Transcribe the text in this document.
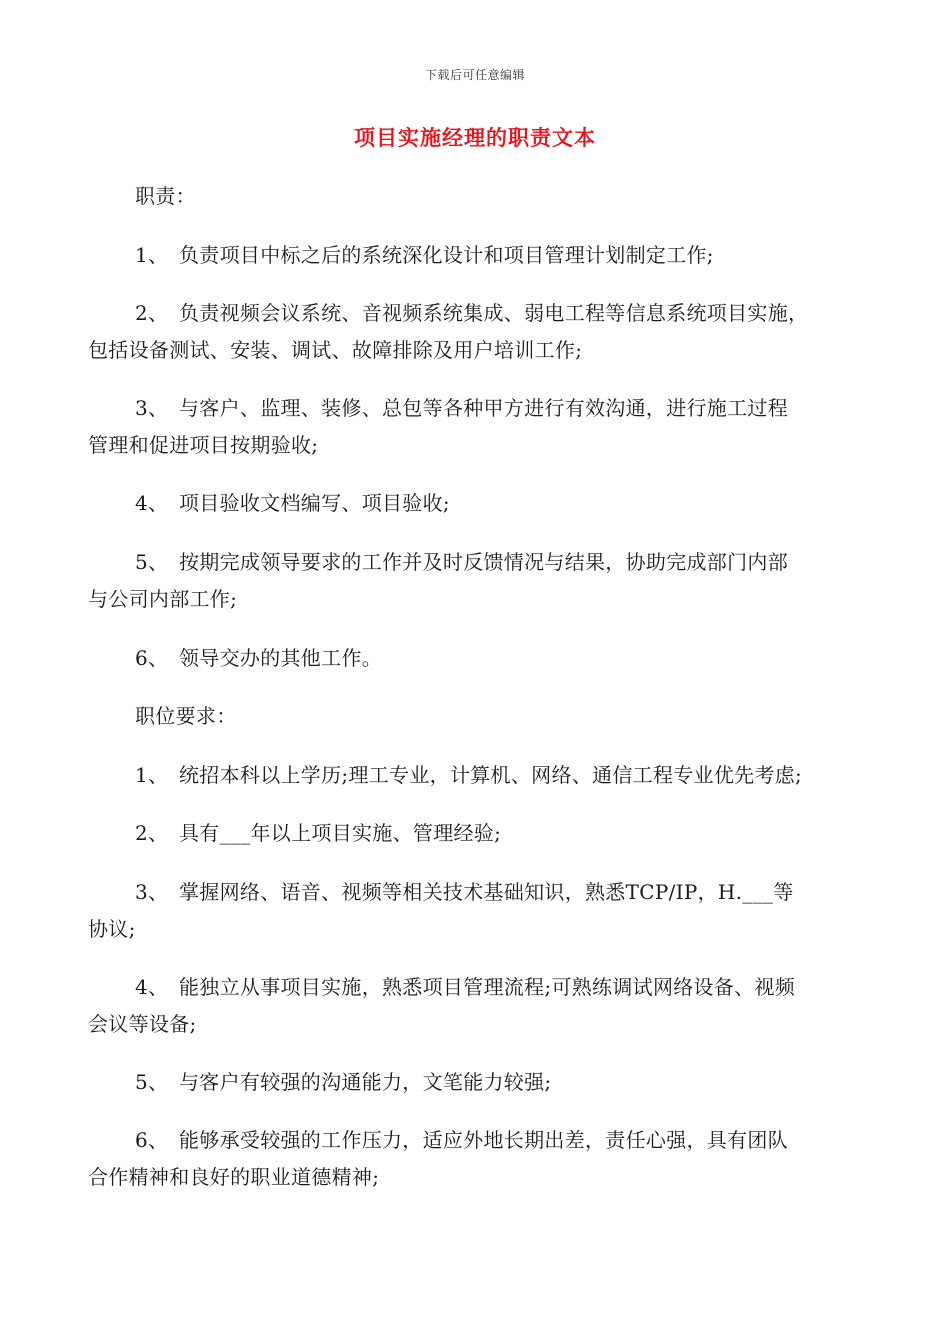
下载后可任意编辑
项目实施经理的职责文本
职责：
1、 负责项目中标之后的系统深化设计和项目管理计划制定工作;
2、 负责视频会议系统、音视频系统集成、弱电工程等信息系统项目实施，
包括设备测试、安装、调试、故障排除及用户培训工作;
3、 与客户、监理、装修、总包等各种甲方进行有效沟通，进行施工过程
管理和促进项目按期验收;
4、 项目验收文档编写、项目验收;
5、 按期完成领导要求的工作并及时反馈情况与结果，协助完成部门内部
与公司内部工作;
6、 领导交办的其他工作。
职位要求：
1、 统招本科以上学历;理工专业，计算机、网络、通信工程专业优先考虑;
2、 具有___年以上项目实施、管理经验;
3、 掌握网络、语音、视频等相关技术基础知识，熟悉TCP/IP，H.___等
协议;
4、 能独立从事项目实施，熟悉项目管理流程;可熟练调试网络设备、视频
会议等设备;
5、 与客户有较强的沟通能力，文笔能力较强;
6、 能够承受较强的工作压力，适应外地长期出差，责任心强，具有团队
合作精神和良好的职业道德精神;
